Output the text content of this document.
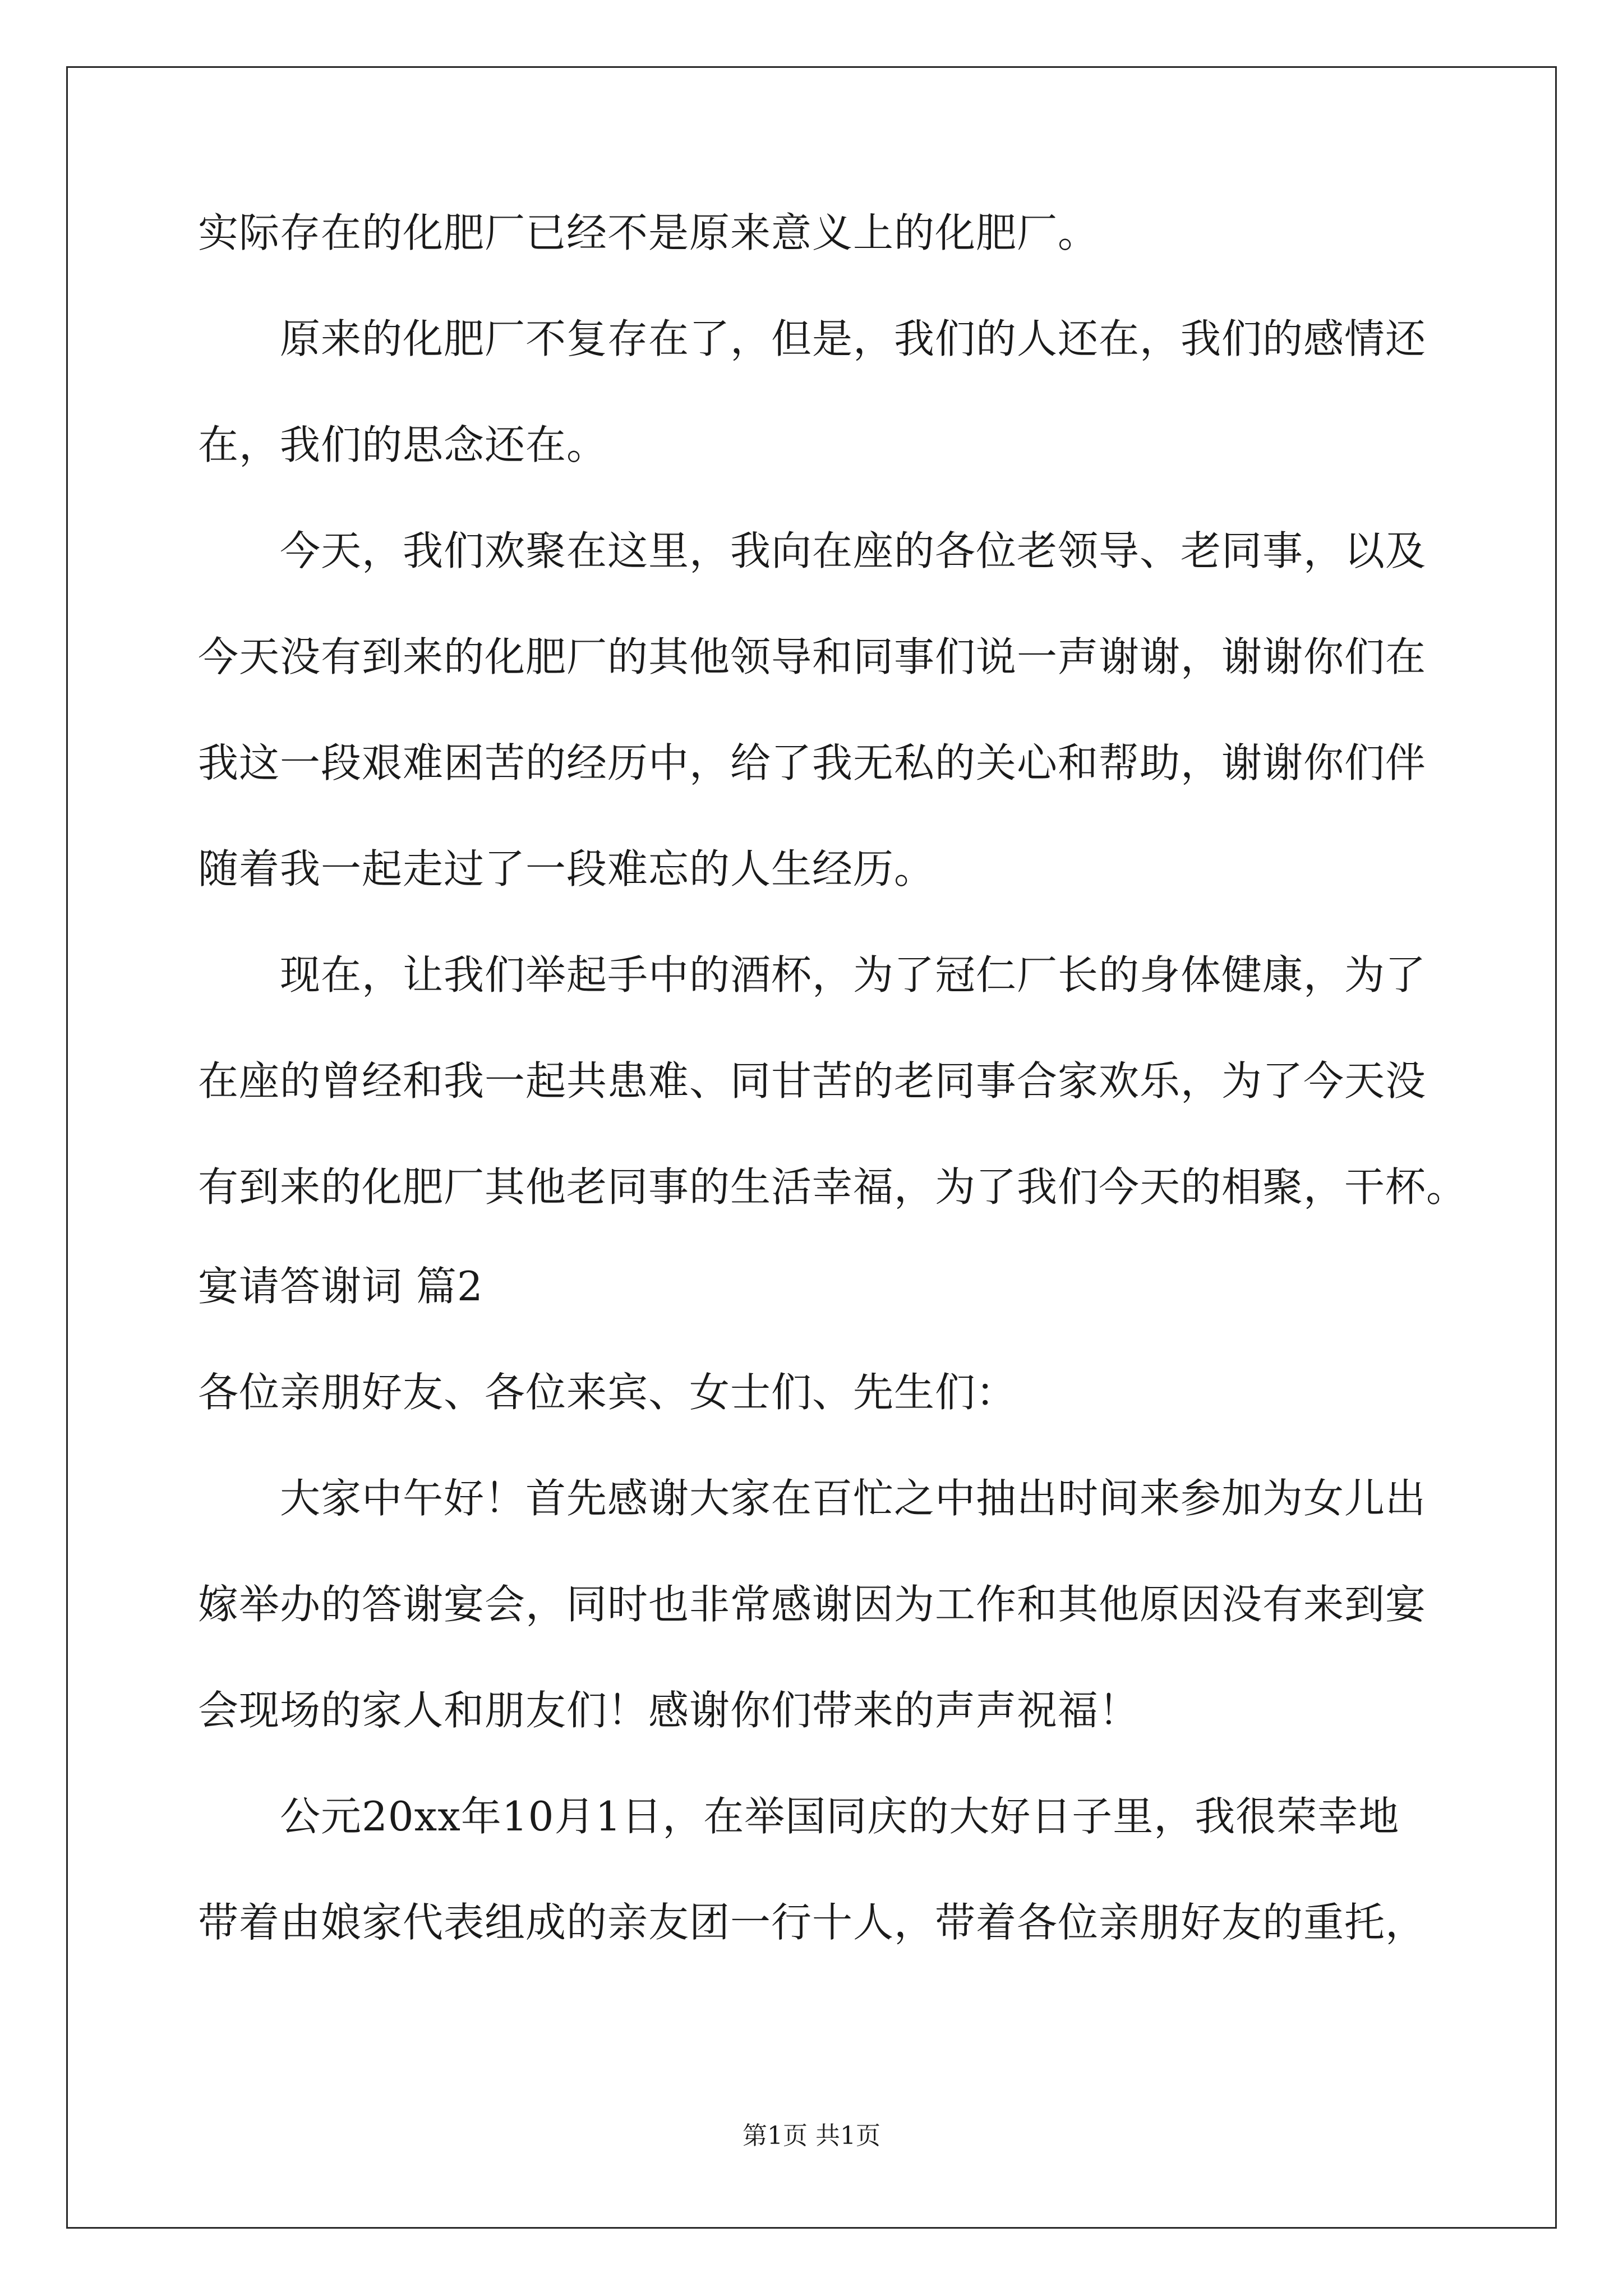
实际存在的化肥厂已经不是原来意义上的化肥厂。
原来的化肥厂不复存在了，但是，我们的人还在，我们的感情还
在，我们的思念还在。
今天，我们欢聚在这里，我向在座的各位老领导、老同事，以及
今天没有到来的化肥厂的其他领导和同事们说一声谢谢，谢谢你们在
我这一段艰难困苦的经历中，给了我无私的关心和帮助，谢谢你们伴
随着我一起走过了一段难忘的人生经历。
现在，让我们举起手中的酒杯，为了冠仁厂长的身体健康，为了
在座的曾经和我一起共患难、同甘苦的老同事合家欢乐，为了今天没
有到来的化肥厂其他老同事的生活幸福，为了我们今天的相聚，干杯。
宴请答谢词 篇2
各位亲朋好友、各位来宾、女士们、先生们：
大家中午好！首先感谢大家在百忙之中抽出时间来参加为女儿出
嫁举办的答谢宴会，同时也非常感谢因为工作和其他原因没有来到宴
会现场的家人和朋友们！感谢你们带来的声声祝福！
公元20xx年10月1日，在举国同庆的大好日子里，我很荣幸地
带着由娘家代表组成的亲友团一行十人，带着各位亲朋好友的重托，
第1页 共1页
